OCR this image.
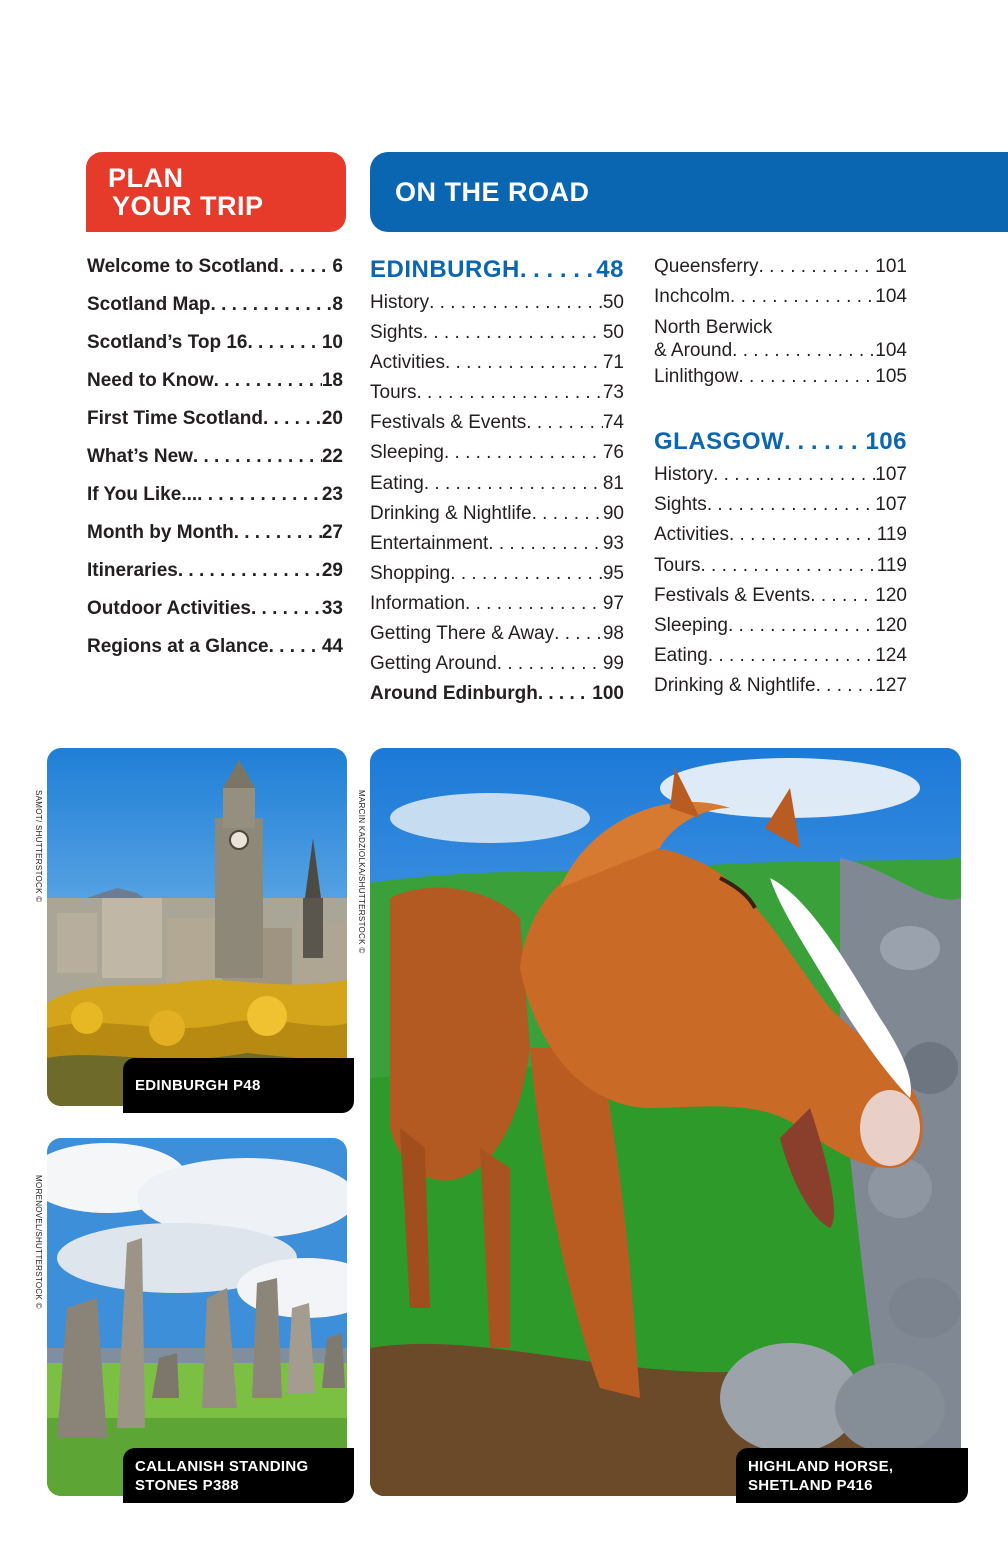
PLAN
YOUR TRIP	ON THE ROAD
Welcome to Scotland . . .	6
Scotland Map . . .	8
Scotland’s Top 16 . . .	10
Need to Know . . .	18
First Time Scotland . . .	20
What’s New . . .	22
If You Like... . . .	23
Month by Month . . .	27
Itineraries . . .	29
Outdoor Activities . . .	33
Regions at a Glance . . .	44
EDINBURGH . . .	48
History . . .	50
Sights . . .	50
Activities . . .	71
Tours . . .	73
Festivals & Events . . .	74
Sleeping . . .	76
Eating . . .	81
Drinking & Nightlife . . .	90
Entertainment . . .	93
Shopping . . .	95
Information . . .	97
Getting There & Away . . .	98
Getting Around . . .	99
Around Edinburgh . . .	100
Queensferry . . .	101
Inchcolm . . .	104
North Berwick
& Around . . .	104
Linlithgow . . .	105
GLASGOW . . .	106
History . . .	107
Sights . . .	107
Activities . . .	119
Tours . . .	119
Festivals & Events . . .	120
Sleeping . . .	120
Eating . . .	124
Drinking & Nightlife . . .	127
EDINBURGH P48
SAMOT/ SHUTTERSTOCK ©
CALLANISH STANDING
STONES P388
MORENOVEL/SHUTTERSTOCK ©
HIGHLAND HORSE,
SHETLAND P416
MARCIN KADZIOLKA/SHUTTERSTOCK ©
